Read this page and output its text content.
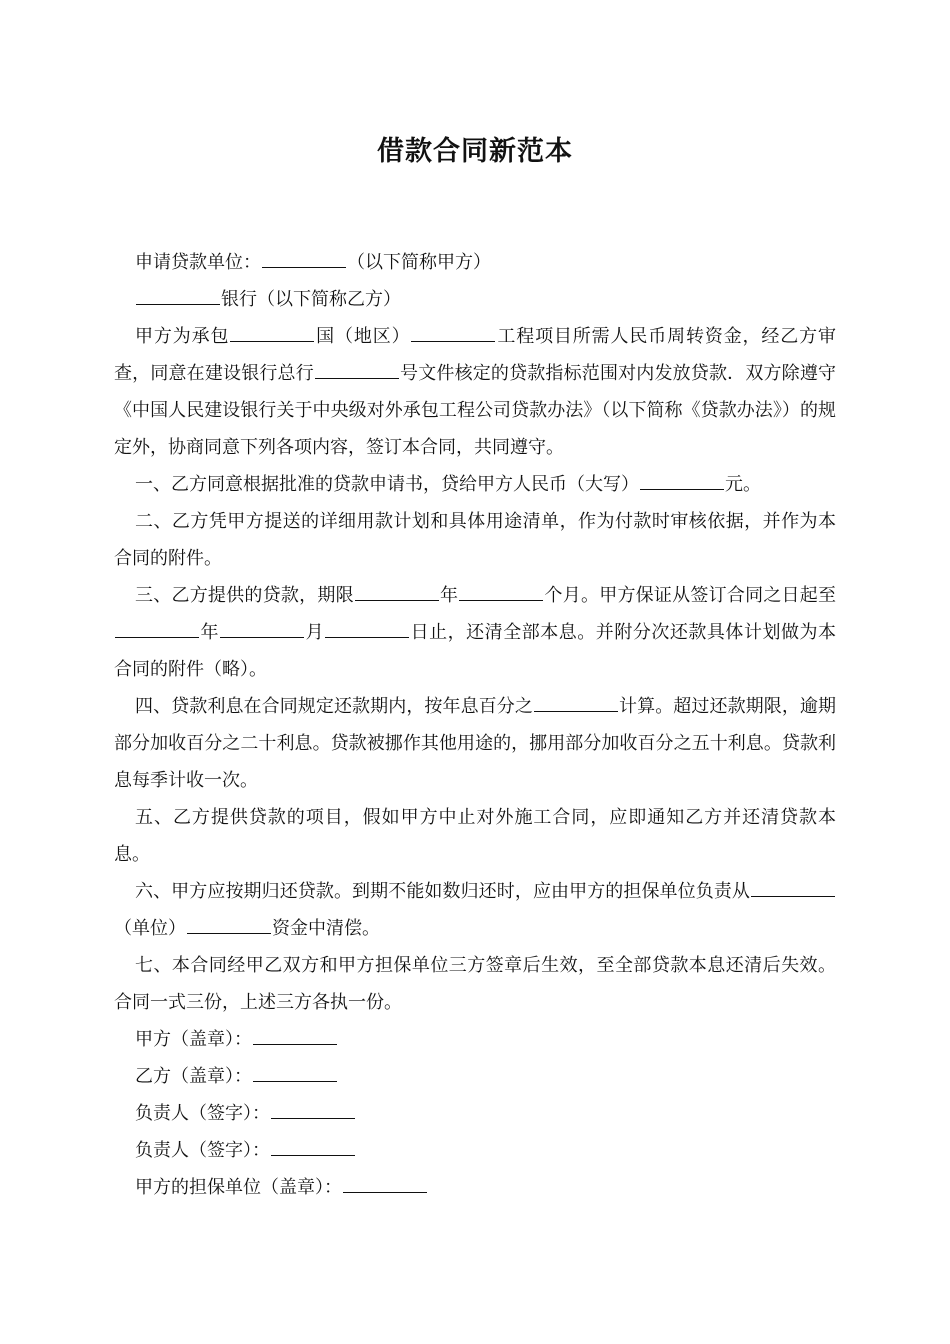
借款合同新范本

申请贷款单位：	（以下简称甲方）

银行（以下简称乙方）

甲方为承包	国（地区）	工程项目所需人民币周转资金，经乙方审查，同意在建设银行总行	号文件核定的贷款指标范围对内发放贷款．双方除遵守《中国人民建设银行关于中央级对外承包工程公司贷款办法》（以下简称《贷款办法》）的规定外，协商同意下列各项内容，签订本合同，共同遵守。

一、乙方同意根据批准的贷款申请书，贷给甲方人民币（大写）	元。

二、乙方凭甲方提送的详细用款计划和具体用途清单，作为付款时审核依据，并作为本合同的附件。

三、乙方提供的贷款，期限	年	个月。甲方保证从签订合同之日起至年	月	日止，还清全部本息。并附分次还款具体计划做为本合同的附件（略）。

四、贷款利息在合同规定还款期内，按年息百分之	计算。超过还款期限，逾期部分加收百分之二十利息。贷款被挪作其他用途的，挪用部分加收百分之五十利息。贷款利息每季计收一次。

五、乙方提供贷款的项目，假如甲方中止对外施工合同，应即通知乙方并还清贷款本息。

六、甲方应按期归还贷款。到期不能如数归还时，应由甲方的担保单位负责从（单位）	资金中清偿。

七、本合同经甲乙双方和甲方担保单位三方签章后生效，至全部贷款本息还清后失效。合同一式三份，上述三方各执一份。

甲方（盖章）：

乙方（盖章）：

负责人（签字）：

负责人（签字）：

甲方的担保单位（盖章）：
